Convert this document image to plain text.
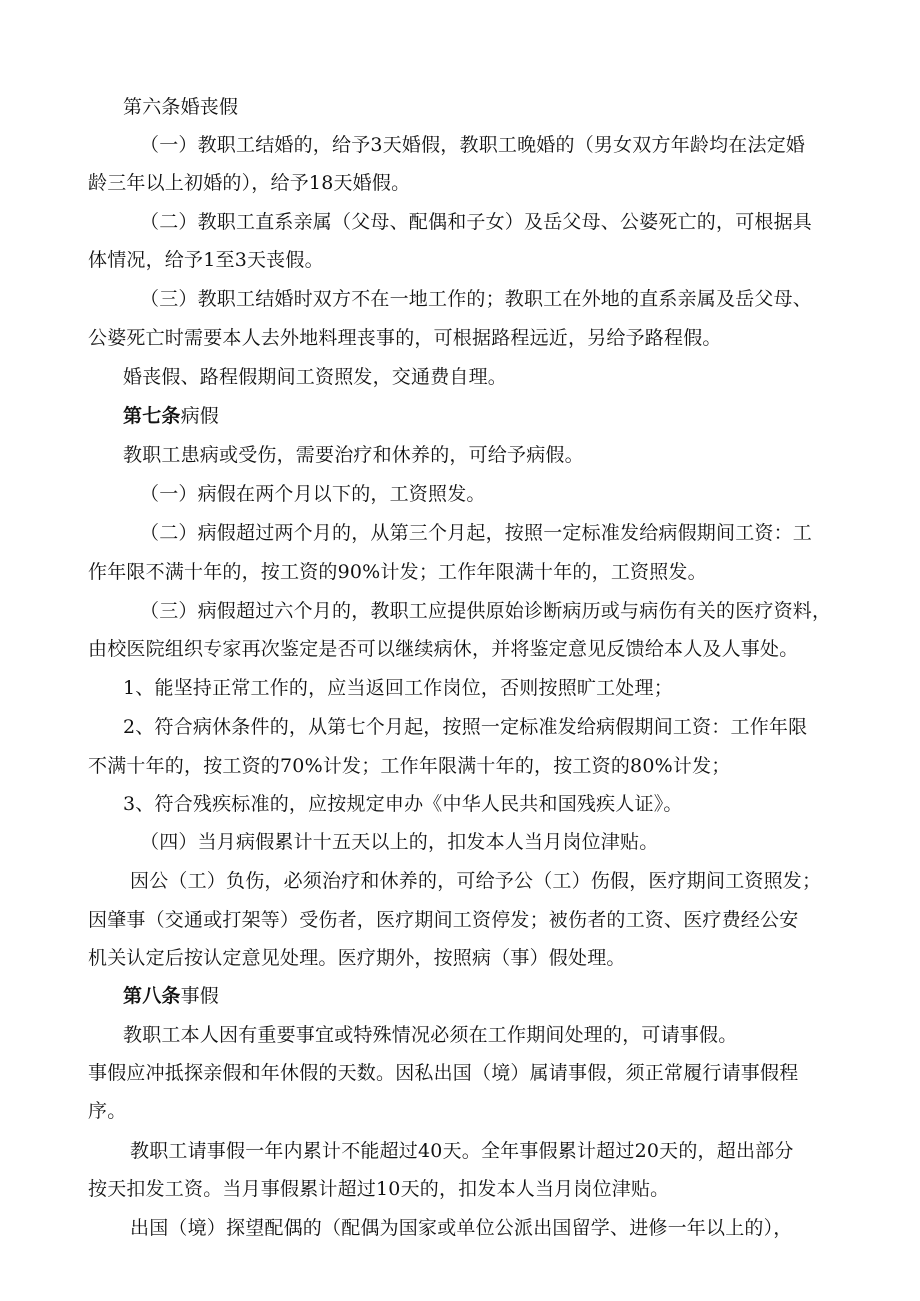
第六条婚丧假
（一）教职工结婚的，给予3天婚假，教职工晚婚的（男女双方年龄均在法定婚
龄三年以上初婚的），给予18天婚假。
（二）教职工直系亲属（父母、配偶和子女）及岳父母、公婆死亡的，可根据具
体情况，给予1至3天丧假。
（三）教职工结婚时双方不在一地工作的；教职工在外地的直系亲属及岳父母、
公婆死亡时需要本人去外地料理丧事的，可根据路程远近，另给予路程假。
婚丧假、路程假期间工资照发，交通费自理。
第七条病假
教职工患病或受伤，需要治疗和休养的，可给予病假。
（一）病假在两个月以下的，工资照发。
（二）病假超过两个月的，从第三个月起，按照一定标准发给病假期间工资：工
作年限不满十年的，按工资的90%计发；工作年限满十年的，工资照发。
（三）病假超过六个月的，教职工应提供原始诊断病历或与病伤有关的医疗资料，
由校医院组织专家再次鉴定是否可以继续病休，并将鉴定意见反馈给本人及人事处。
1、能坚持正常工作的，应当返回工作岗位，否则按照旷工处理；
2、符合病休条件的，从第七个月起，按照一定标准发给病假期间工资：工作年限
不满十年的，按工资的70%计发；工作年限满十年的，按工资的80%计发；
3、符合残疾标准的，应按规定申办《中华人民共和国残疾人证》。
（四）当月病假累计十五天以上的，扣发本人当月岗位津贴。
因公（工）负伤，必须治疗和休养的，可给予公（工）伤假，医疗期间工资照发；
因肇事（交通或打架等）受伤者，医疗期间工资停发；被伤者的工资、医疗费经公安
机关认定后按认定意见处理。医疗期外，按照病（事）假处理。
第八条事假
教职工本人因有重要事宜或特殊情况必须在工作期间处理的，可请事假。
事假应冲抵探亲假和年休假的天数。因私出国（境）属请事假，须正常履行请事假程
序。
教职工请事假一年内累计不能超过40天。全年事假累计超过20天的，超出部分
按天扣发工资。当月事假累计超过10天的，扣发本人当月岗位津贴。
出国（境）探望配偶的（配偶为国家或单位公派出国留学、进修一年以上的），
